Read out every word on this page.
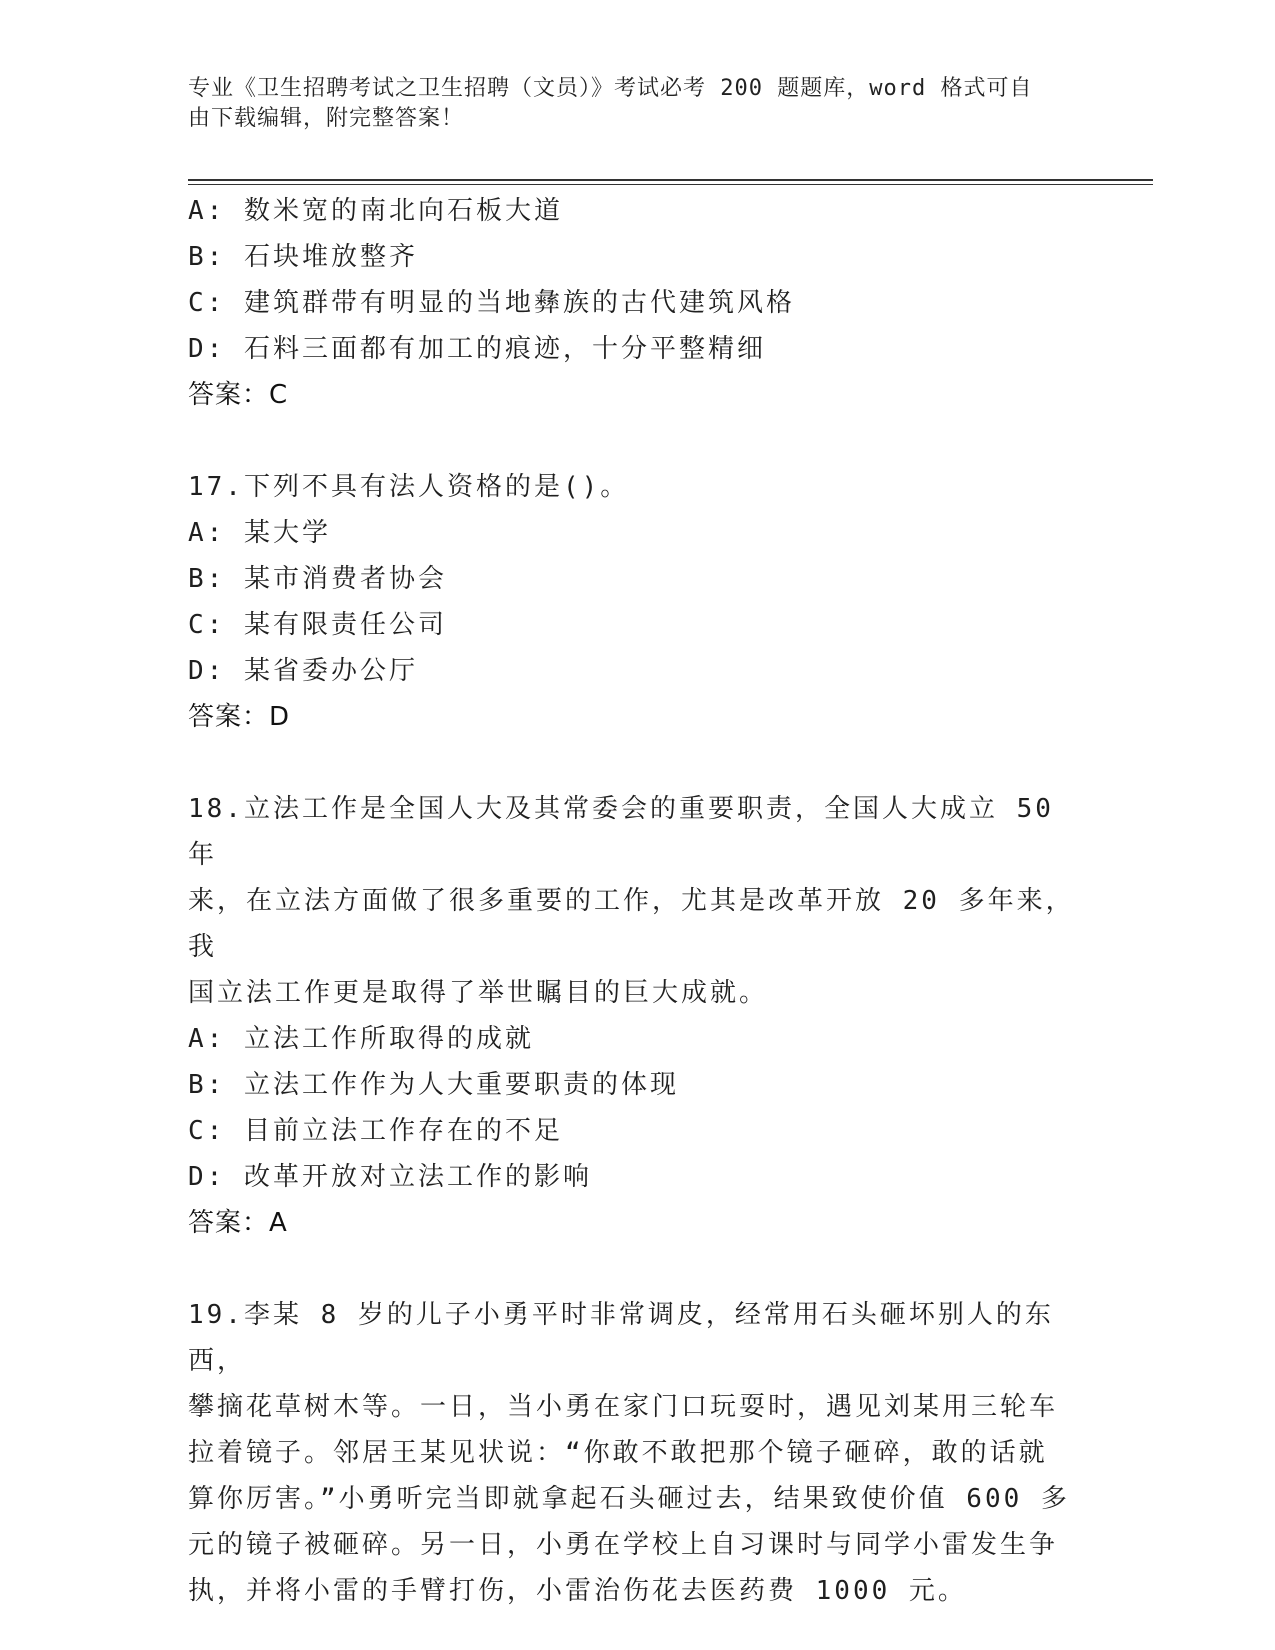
专业《卫生招聘考试之卫生招聘（文员）》考试必考 200 题题库，word 格式可自
由下载编辑，附完整答案！
A: 数米宽的南北向石板大道
B: 石块堆放整齐
C: 建筑群带有明显的当地彝族的古代建筑风格
D: 石料三面都有加工的痕迹，十分平整精细
答案：C
17.下列不具有法人资格的是()。
A: 某大学
B: 某市消费者协会
C: 某有限责任公司
D: 某省委办公厅
答案：D
18.立法工作是全国人大及其常委会的重要职责，全国人大成立 50 年
来，在立法方面做了很多重要的工作，尤其是改革开放 20 多年来，我
国立法工作更是取得了举世瞩目的巨大成就。
A: 立法工作所取得的成就
B: 立法工作作为人大重要职责的体现
C: 目前立法工作存在的不足
D: 改革开放对立法工作的影响
答案：A
19.李某 8 岁的儿子小勇平时非常调皮，经常用石头砸坏别人的东西，
攀摘花草树木等。一日，当小勇在家门口玩耍时，遇见刘某用三轮车
拉着镜子。邻居王某见状说：“你敢不敢把那个镜子砸碎，敢的话就
算你厉害。”小勇听完当即就拿起石头砸过去，结果致使价值 600 多
元的镜子被砸碎。另一日，小勇在学校上自习课时与同学小雷发生争
执，并将小雷的手臂打伤，小雷治伤花去医药费 1000 元。
